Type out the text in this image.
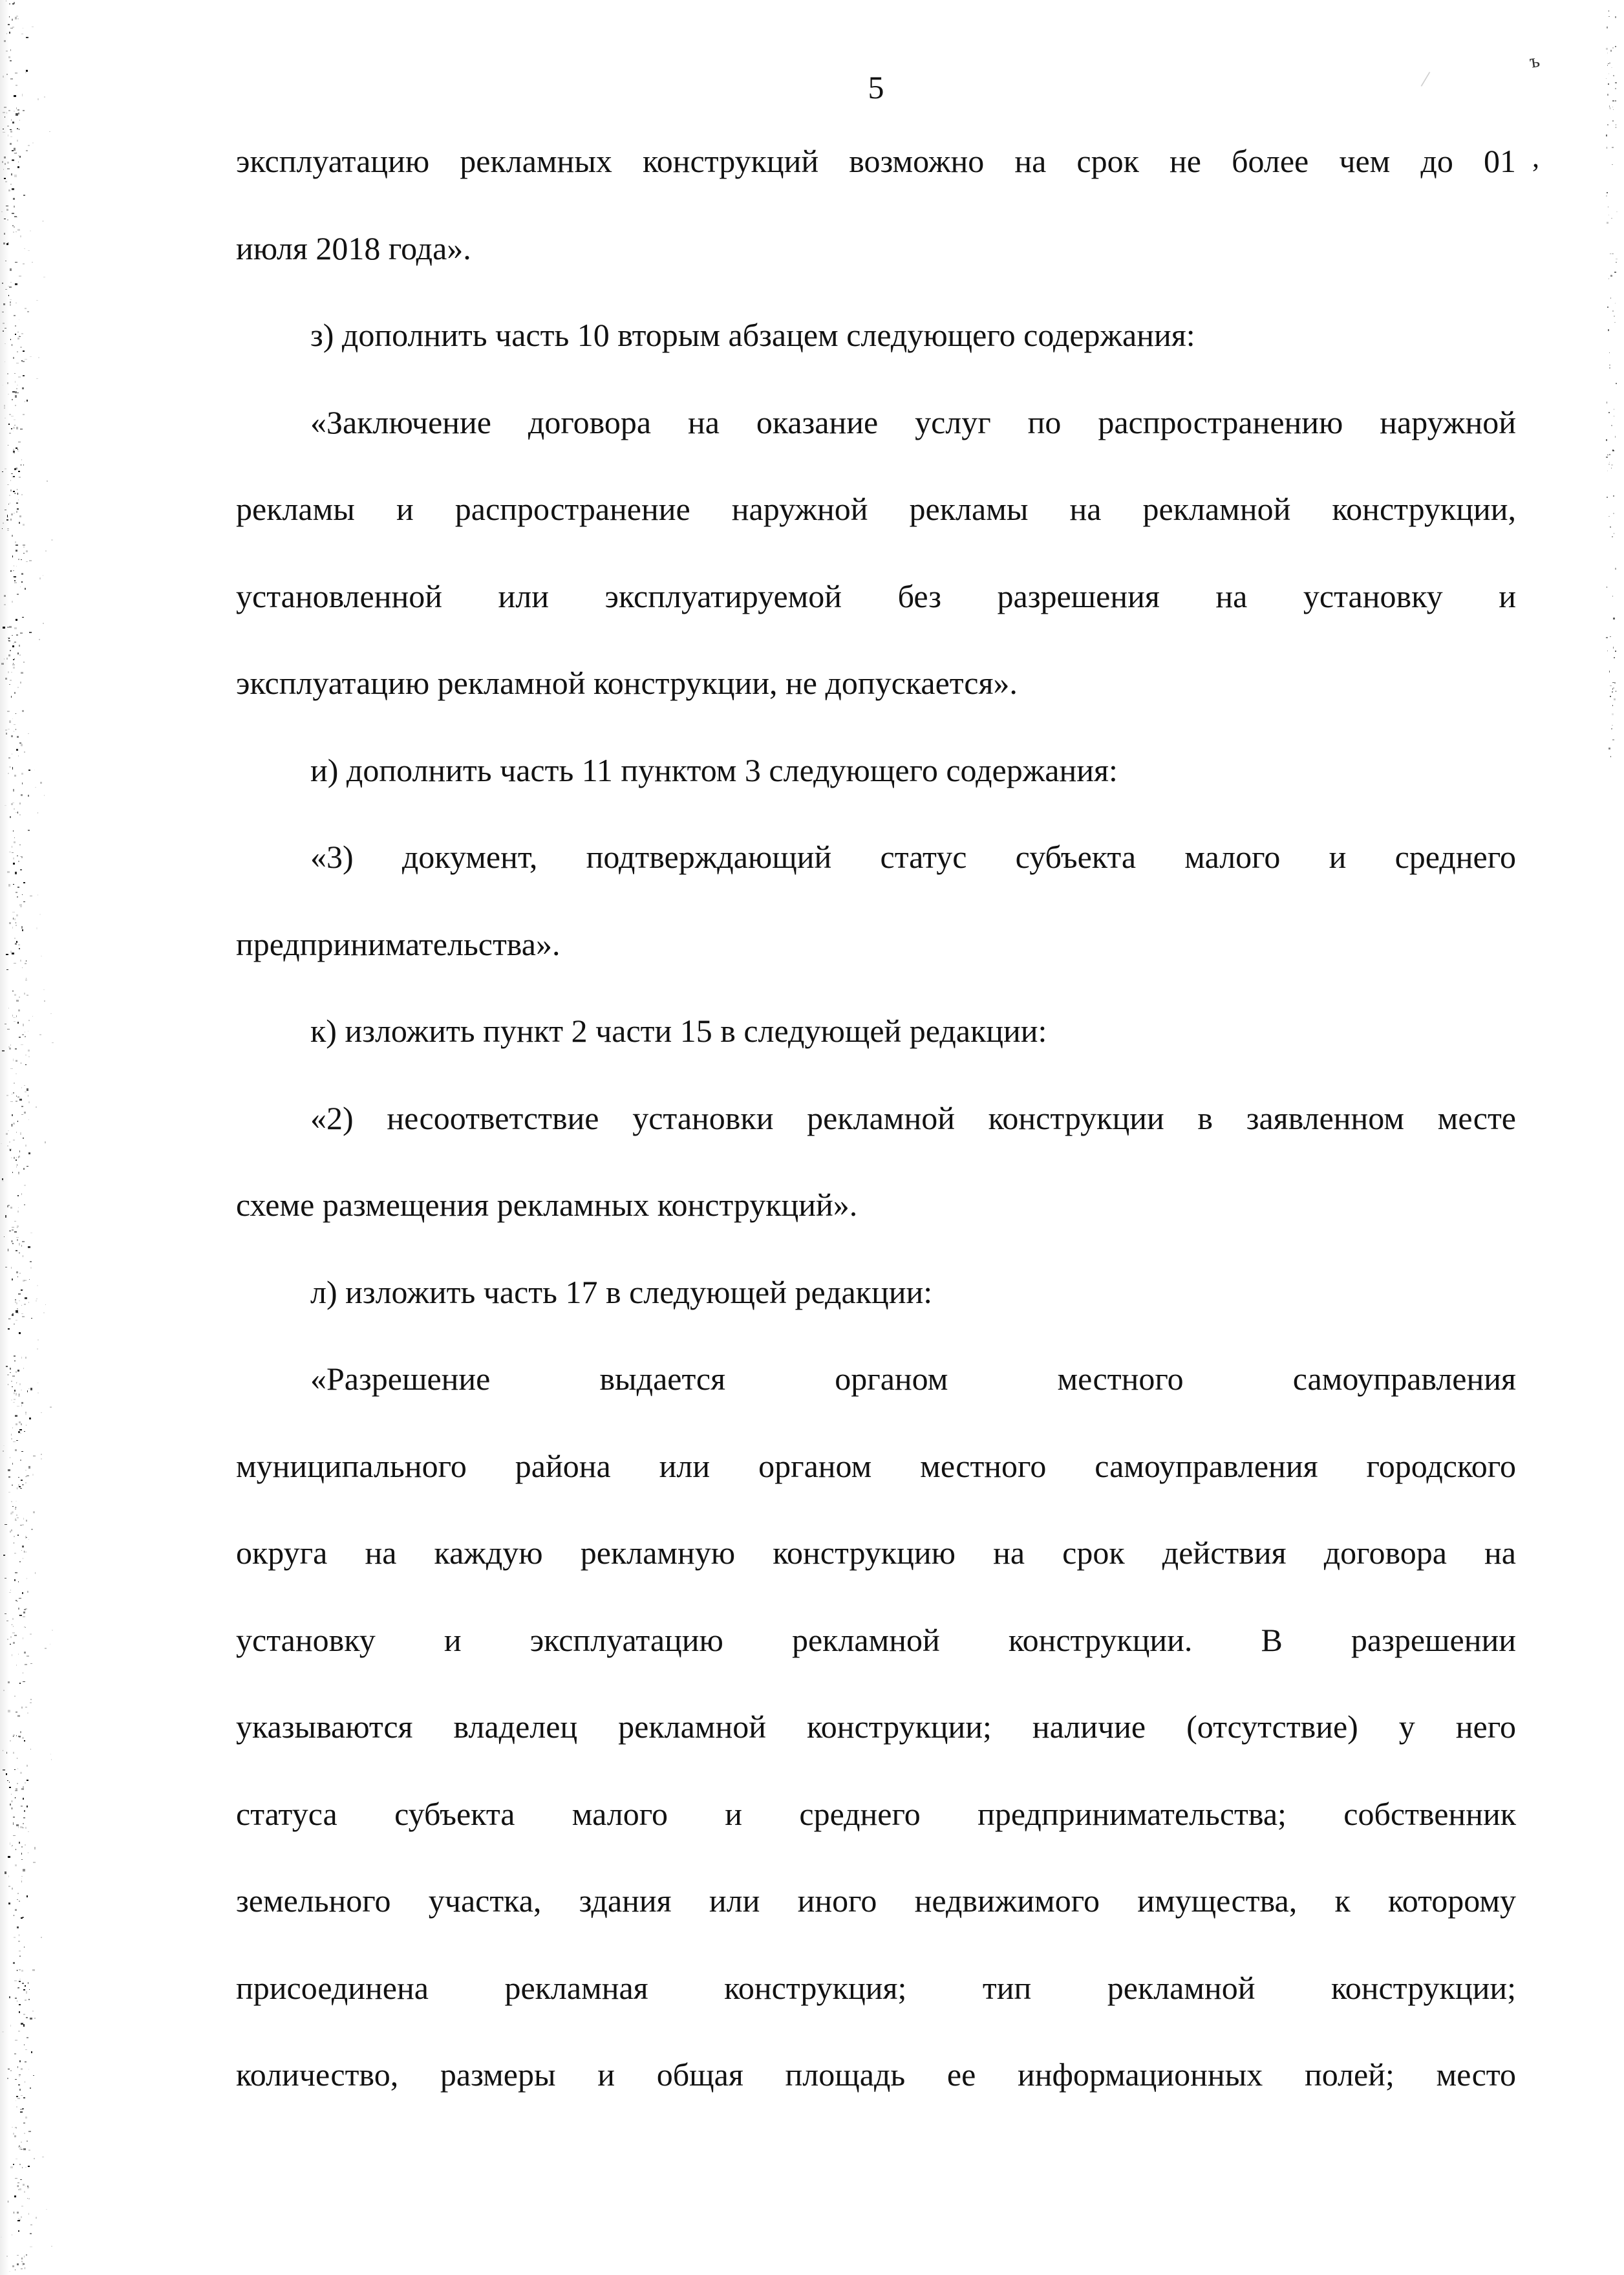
5
эксплуатацию рекламных конструкций возможно на срок не более чем до 01
июля 2018 года».
з) дополнить часть 10 вторым абзацем следующего содержания:
«Заключение договора на оказание услуг по распространению наружной
рекламы и распространение наружной рекламы на рекламной конструкции,
установленной или эксплуатируемой без разрешения на установку и
эксплуатацию рекламной конструкции, не допускается».
и) дополнить часть 11 пунктом 3 следующего содержания:
«3) документ, подтверждающий статус субъекта малого и среднего
предпринимательства».
к) изложить пункт 2 части 15 в следующей редакции:
«2) несоответствие установки рекламной конструкции в заявленном месте
схеме размещения рекламных конструкций».
л) изложить часть 17 в следующей редакции:
«Разрешение выдается органом местного самоуправления
муниципального района или органом местного самоуправления городского
округа на каждую рекламную конструкцию на срок действия договора на
установку и эксплуатацию рекламной конструкции. В разрешении
указываются владелец рекламной конструкции; наличие (отсутствие) у него
статуса субъекта малого и среднего предпринимательства; собственник
земельного участка, здания или иного недвижимого имущества, к которому
присоединена рекламная конструкция; тип рекламной конструкции;
количество, размеры и общая площадь ее информационных полей; место
ъ
,
/
